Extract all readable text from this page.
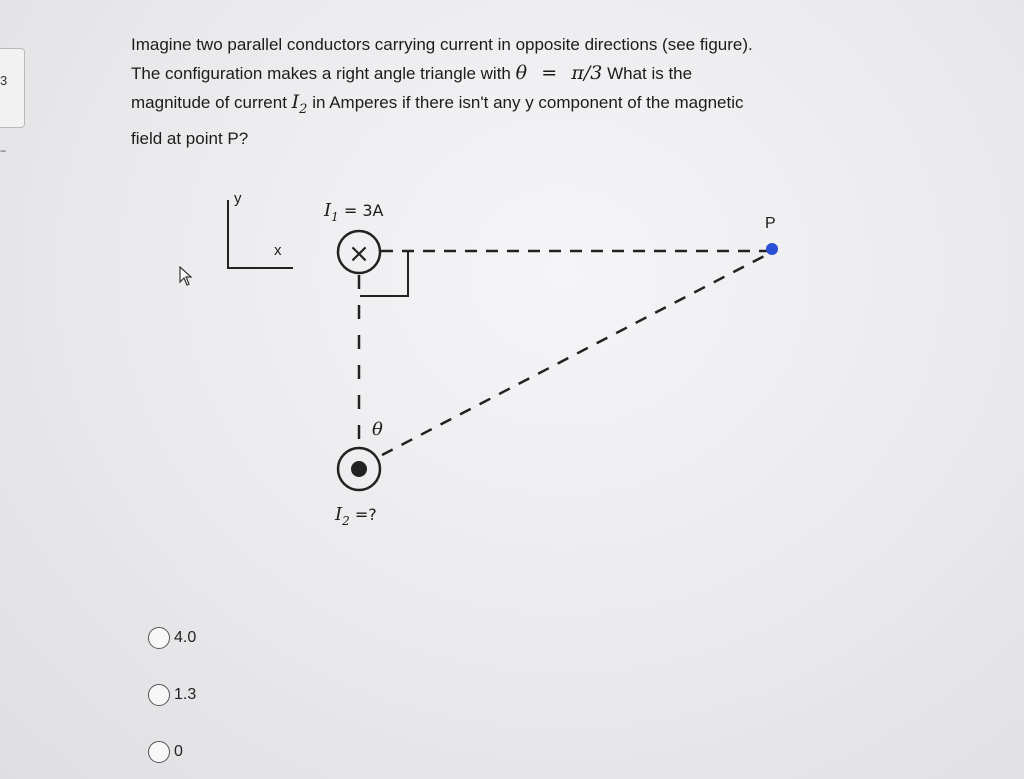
3
--
Imagine two parallel conductors carrying current in opposite directions (see figure).
The configuration makes a right angle triangle with θ = π/3 What is the
magnitude of current $I_2$ in Amperes if there isn't any y component of the magnetic
field at point P?
y
x
$I_1 = 3A$
×
θ
$I_2$ =?
P
4.0
1.3
0
